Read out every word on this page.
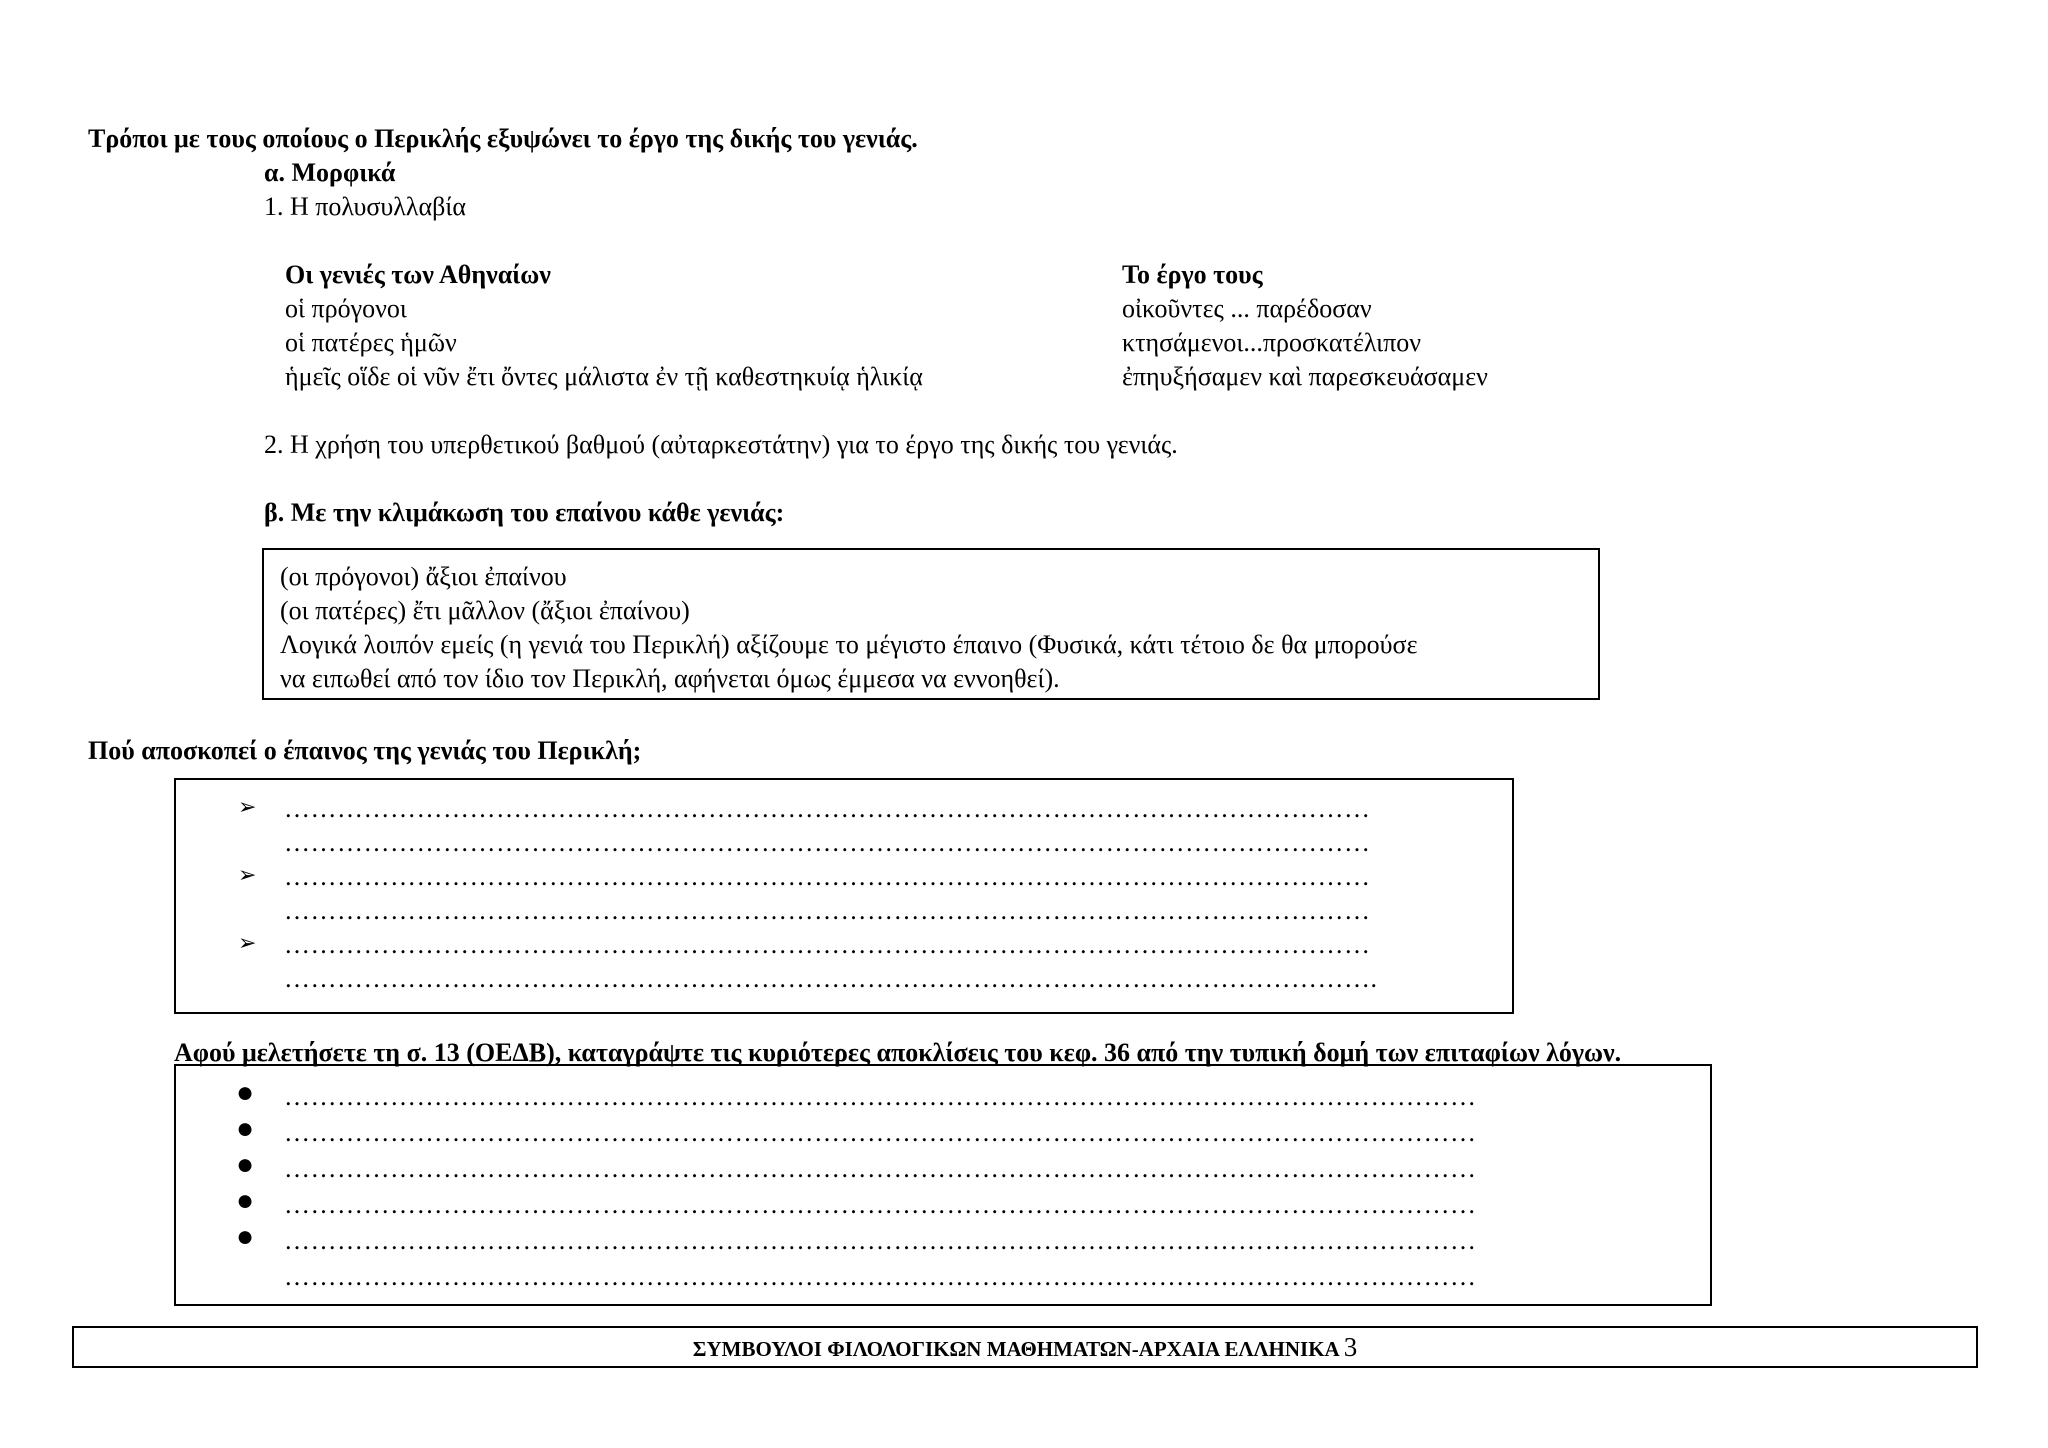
Τρόποι με τους οποίους ο Περικλής εξυψώνει το έργο της δικής του γενιάς.
α. Μορφικά
1. Η πολυσυλλαβία
Οι γενιές των Αθηναίων	Το έργο τους
οἱ πρόγονοι	οἰκοῦντες ... παρέδοσαν
οἱ πατέρες ἡμῶν	κτησάμενοι...προσκατέλιπον
ἡμεῖς οἵδε οἱ νῦν ἔτι ὄντες μάλιστα ἐν τῇ καθεστηκυίᾳ ἡλικίᾳ	ἐπηυξήσαμεν καὶ παρεσκευάσαμεν
2. Η χρήση του υπερθετικού βαθμού (αὐταρκεστάτην) για το έργο της δικής του γενιάς.
β. Με την κλιμάκωση του επαίνου κάθε γενιάς:
(οι πρόγονοι) ἄξιοι ἐπαίνου
(οι πατέρες) ἔτι μᾶλλον (ἄξιοι ἐπαίνου)
Λογικά λοιπόν εμείς (η γενιά του Περικλή) αξίζουμε το μέγιστο έπαινο (Φυσικά, κάτι τέτοιο δε θα μπορούσε
να ειπωθεί από τον ίδιο τον Περικλή, αφήνεται όμως έμμεσα να εννοηθεί).
Πού αποσκοπεί ο έπαινος της γενιάς του Περικλή;
➢ ……………………………………………………………………………………………………………
……………………………………………………………………………………………………………
➢ ……………………………………………………………………………………………………………
……………………………………………………………………………………………………………
➢ ……………………………………………………………………………………………………………
…………………………………………………………………………………………………………….
Αφού μελετήσετε τη σ. 13 (ΟΕΔΒ), καταγράψτε τις κυριότερες αποκλίσεις του κεφ. 36 από την τυπική δομή των επιταφίων λόγων.
● ………………………………………………………………………………………………………………………
● ………………………………………………………………………………………………………………………
● ………………………………………………………………………………………………………………………
● ………………………………………………………………………………………………………………………
● ………………………………………………………………………………………………………………………
………………………………………………………………………………………………………………………
ΣΥΜΒΟΥΛΟΙ ΦΙΛΟΛΟΓΙΚΩΝ ΜΑΘΗΜΑΤΩΝ-ΑΡΧΑΙΑ ΕΛΛΗΝΙΚΑ 3
